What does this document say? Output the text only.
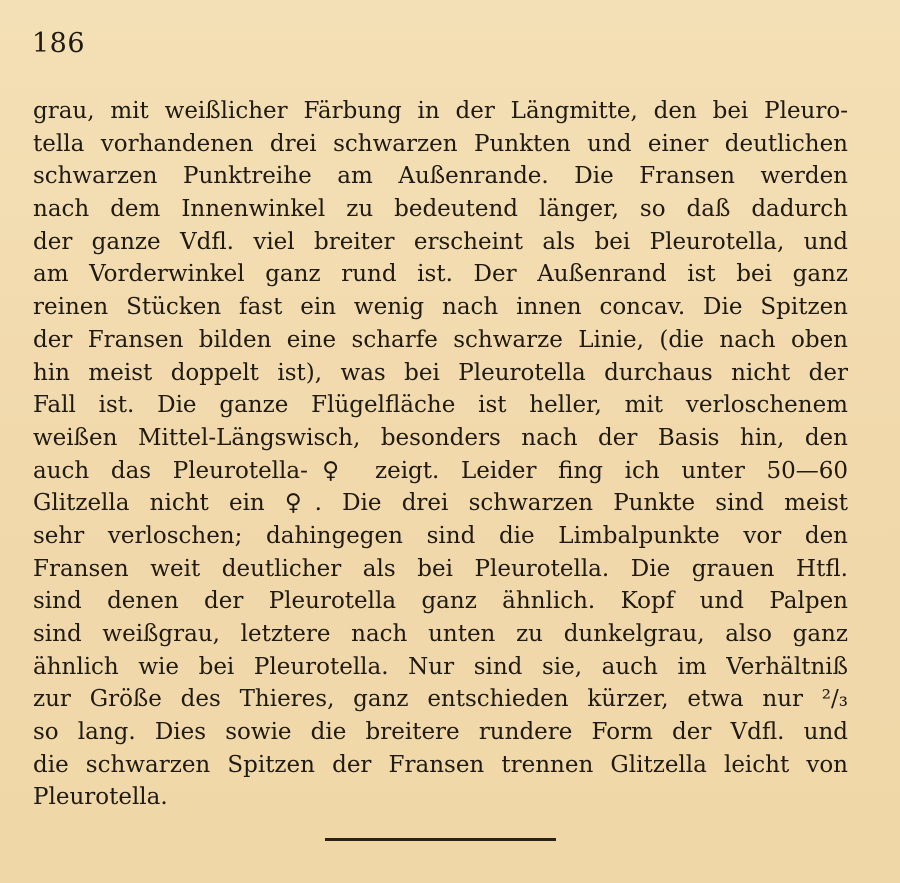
186
grau, mit weißlicher Färbung in der Längmitte, den bei Pleuro-
tella vorhandenen drei schwarzen Punkten und einer deutlichen
schwarzen Punktreihe am Außenrande. Die Fransen werden
nach dem Innenwinkel zu bedeutend länger, so daß dadurch
der ganze Vdfl. viel breiter erscheint als bei Pleurotella, und
am Vorderwinkel ganz rund ist. Der Außenrand ist bei ganz
reinen Stücken fast ein wenig nach innen concav. Die Spitzen
der Fransen bilden eine scharfe schwarze Linie, (die nach oben
hin meist doppelt ist), was bei Pleurotella durchaus nicht der
Fall ist. Die ganze Flügelfläche ist heller, mit verloschenem
weißen Mittel-Längswisch, besonders nach der Basis hin, den
auch das Pleurotella-♀ zeigt. Leider fing ich unter 50—60
Glitzella nicht ein ♀. Die drei schwarzen Punkte sind meist
sehr verloschen; dahingegen sind die Limbalpunkte vor den
Fransen weit deutlicher als bei Pleurotella. Die grauen Htfl.
sind denen der Pleurotella ganz ähnlich. Kopf und Palpen
sind weißgrau, letztere nach unten zu dunkelgrau, also ganz
ähnlich wie bei Pleurotella. Nur sind sie, auch im Verhältniß
zur Größe des Thieres, ganz entschieden kürzer, etwa nur ²/₃
so lang. Dies sowie die breitere rundere Form der Vdfl. und
die schwarzen Spitzen der Fransen trennen Glitzella leicht von
Pleurotella.
